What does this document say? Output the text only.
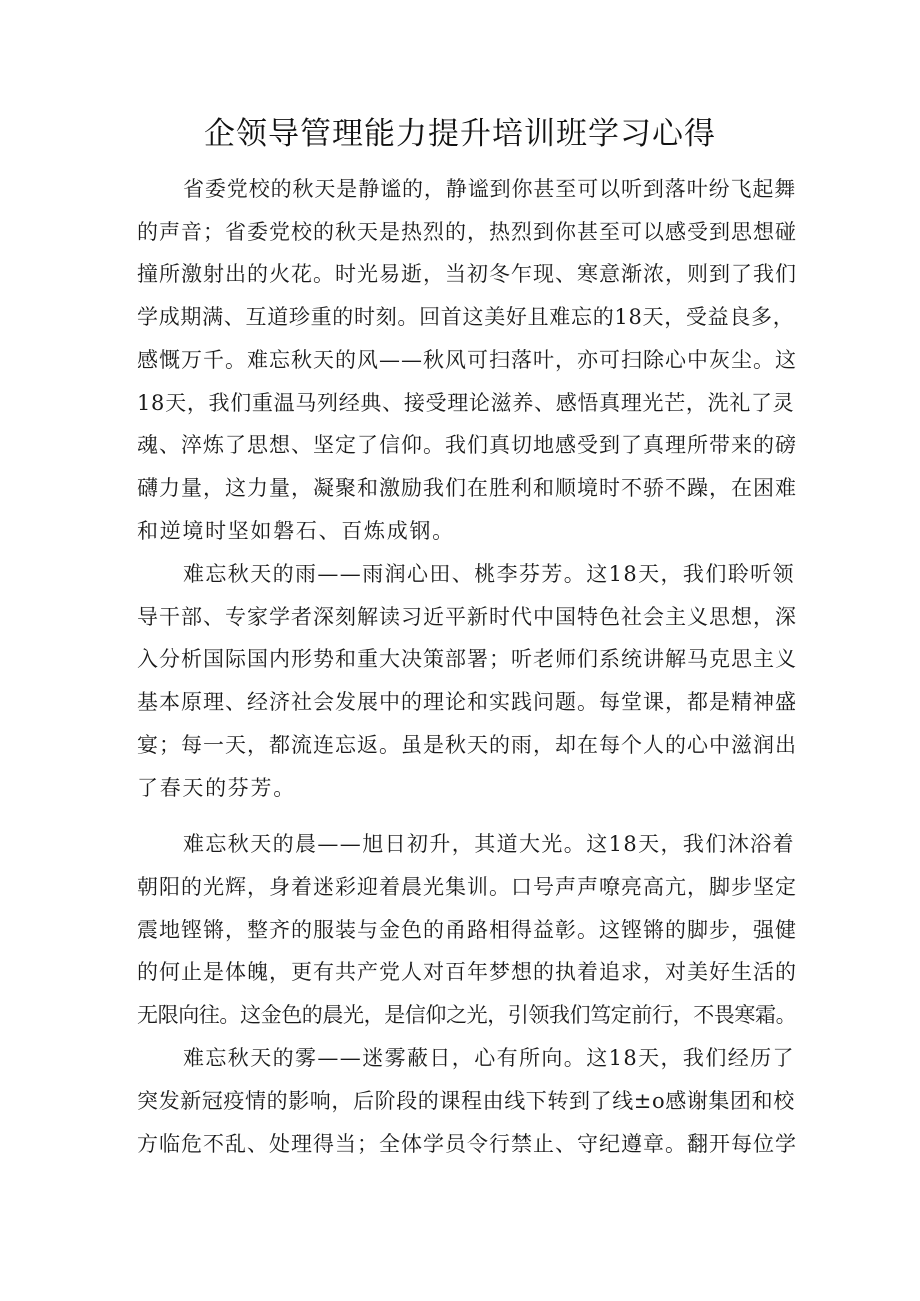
企领导管理能力提升培训班学习心得
省委党校的秋天是静谧的，静谧到你甚至可以听到落叶纷飞起舞
的声音；省委党校的秋天是热烈的，热烈到你甚至可以感受到思想碰
撞所激射出的火花。时光易逝，当初冬乍现、寒意渐浓，则到了我们
学成期满、互道珍重的时刻。回首这美好且难忘的18天，受益良多，
感慨万千。难忘秋天的风——秋风可扫落叶，亦可扫除心中灰尘。这
18天，我们重温马列经典、接受理论滋养、感悟真理光芒，洗礼了灵
魂、淬炼了思想、坚定了信仰。我们真切地感受到了真理所带来的磅
礴力量，这力量，凝聚和激励我们在胜利和顺境时不骄不躁，在困难
和逆境时坚如磐石、百炼成钢。
难忘秋天的雨——雨润心田、桃李芬芳。这18天，我们聆听领
导干部、专家学者深刻解读习近平新时代中国特色社会主义思想，深
入分析国际国内形势和重大决策部署；听老师们系统讲解马克思主义
基本原理、经济社会发展中的理论和实践问题。每堂课，都是精神盛
宴；每一天，都流连忘返。虽是秋天的雨，却在每个人的心中滋润出
了春天的芬芳。
难忘秋天的晨——旭日初升，其道大光。这18天，我们沐浴着
朝阳的光辉，身着迷彩迎着晨光集训。口号声声嘹亮高亢，脚步坚定
震地铿锵，整齐的服装与金色的甬路相得益彰。这铿锵的脚步，强健
的何止是体魄，更有共产党人对百年梦想的执着追求，对美好生活的
无限向往。这金色的晨光，是信仰之光，引领我们笃定前行，不畏寒霜。
难忘秋天的雾——迷雾蔽日，心有所向。这18天，我们经历了
突发新冠疫情的影响，后阶段的课程由线下转到了线±o感谢集团和校
方临危不乱、处理得当；全体学员令行禁止、守纪遵章。翻开每位学
